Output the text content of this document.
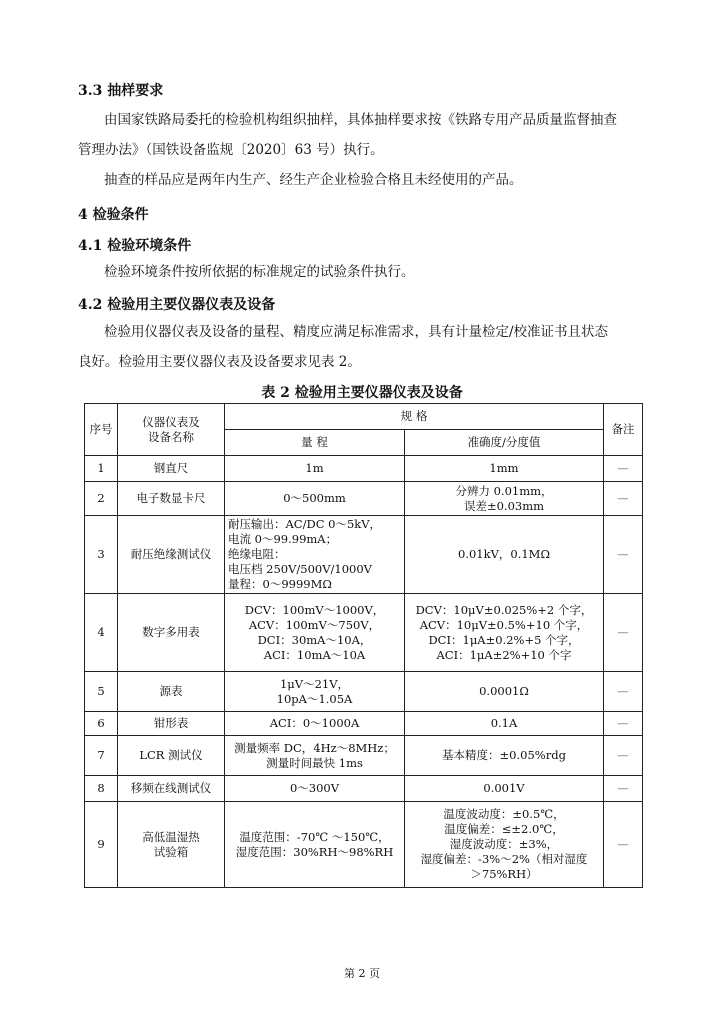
3.3 抽样要求
由国家铁路局委托的检验机构组织抽样，具体抽样要求按《铁路专用产品质量监督抽查
管理办法》（国铁设备监规〔2020〕63 号）执行。
抽查的样品应是两年内生产、经生产企业检验合格且未经使用的产品。
4 检验条件
4.1 检验环境条件
检验环境条件按所依据的标准规定的试验条件执行。
4.2 检验用主要仪器仪表及设备
检验用仪器仪表及设备的量程、精度应满足标准需求，具有计量检定/校准证书且状态
良好。检验用主要仪器仪表及设备要求见表 2。
表 2 检验用主要仪器仪表及设备
序号	仪器仪表及
设备名称	规 格		备注
		量 程	准确度/分度值	
1	钢直尺	1m	1mm	—
2	电子数显卡尺	0～500mm	分辨力 0.01mm，
误差±0.03mm	—
3	耐压绝缘测试仪	耐压输出：AC/DC 0～5kV，
电流 0～99.99mA；
绝缘电阻：
电压档 250V/500V/1000V
量程：0～9999MΩ	0.01kV，0.1MΩ	—
4	数字多用表	DCV：100mV～1000V，
ACV：100mV～750V，
DCI：30mA～10A，
ACI：10mA～10A	DCV：10μV±0.025%+2 个字，
ACV：10μV±0.5%+10 个字，
DCI：1μA±0.2%+5 个字，
ACI：1μA±2%+10 个字	—
5	源表	1μV～21V，
10pA～1.05A	0.0001Ω	—
6	钳形表	ACI：0～1000A	0.1A	—
7	LCR 测试仪	测量频率 DC，4Hz～8MHz；
测量时间最快 1ms	基本精度：±0.05%rdg	—
8	移频在线测试仪	0～300V	0.001V	—
9	高低温湿热
试验箱	温度范围：-70℃ ～150℃，
湿度范围：30%RH～98%RH	温度波动度：±0.5℃，
温度偏差：≤±2.0℃，
湿度波动度：±3%，
湿度偏差：-3%～2%（相对湿度
＞75%RH）	—
第 2 页
